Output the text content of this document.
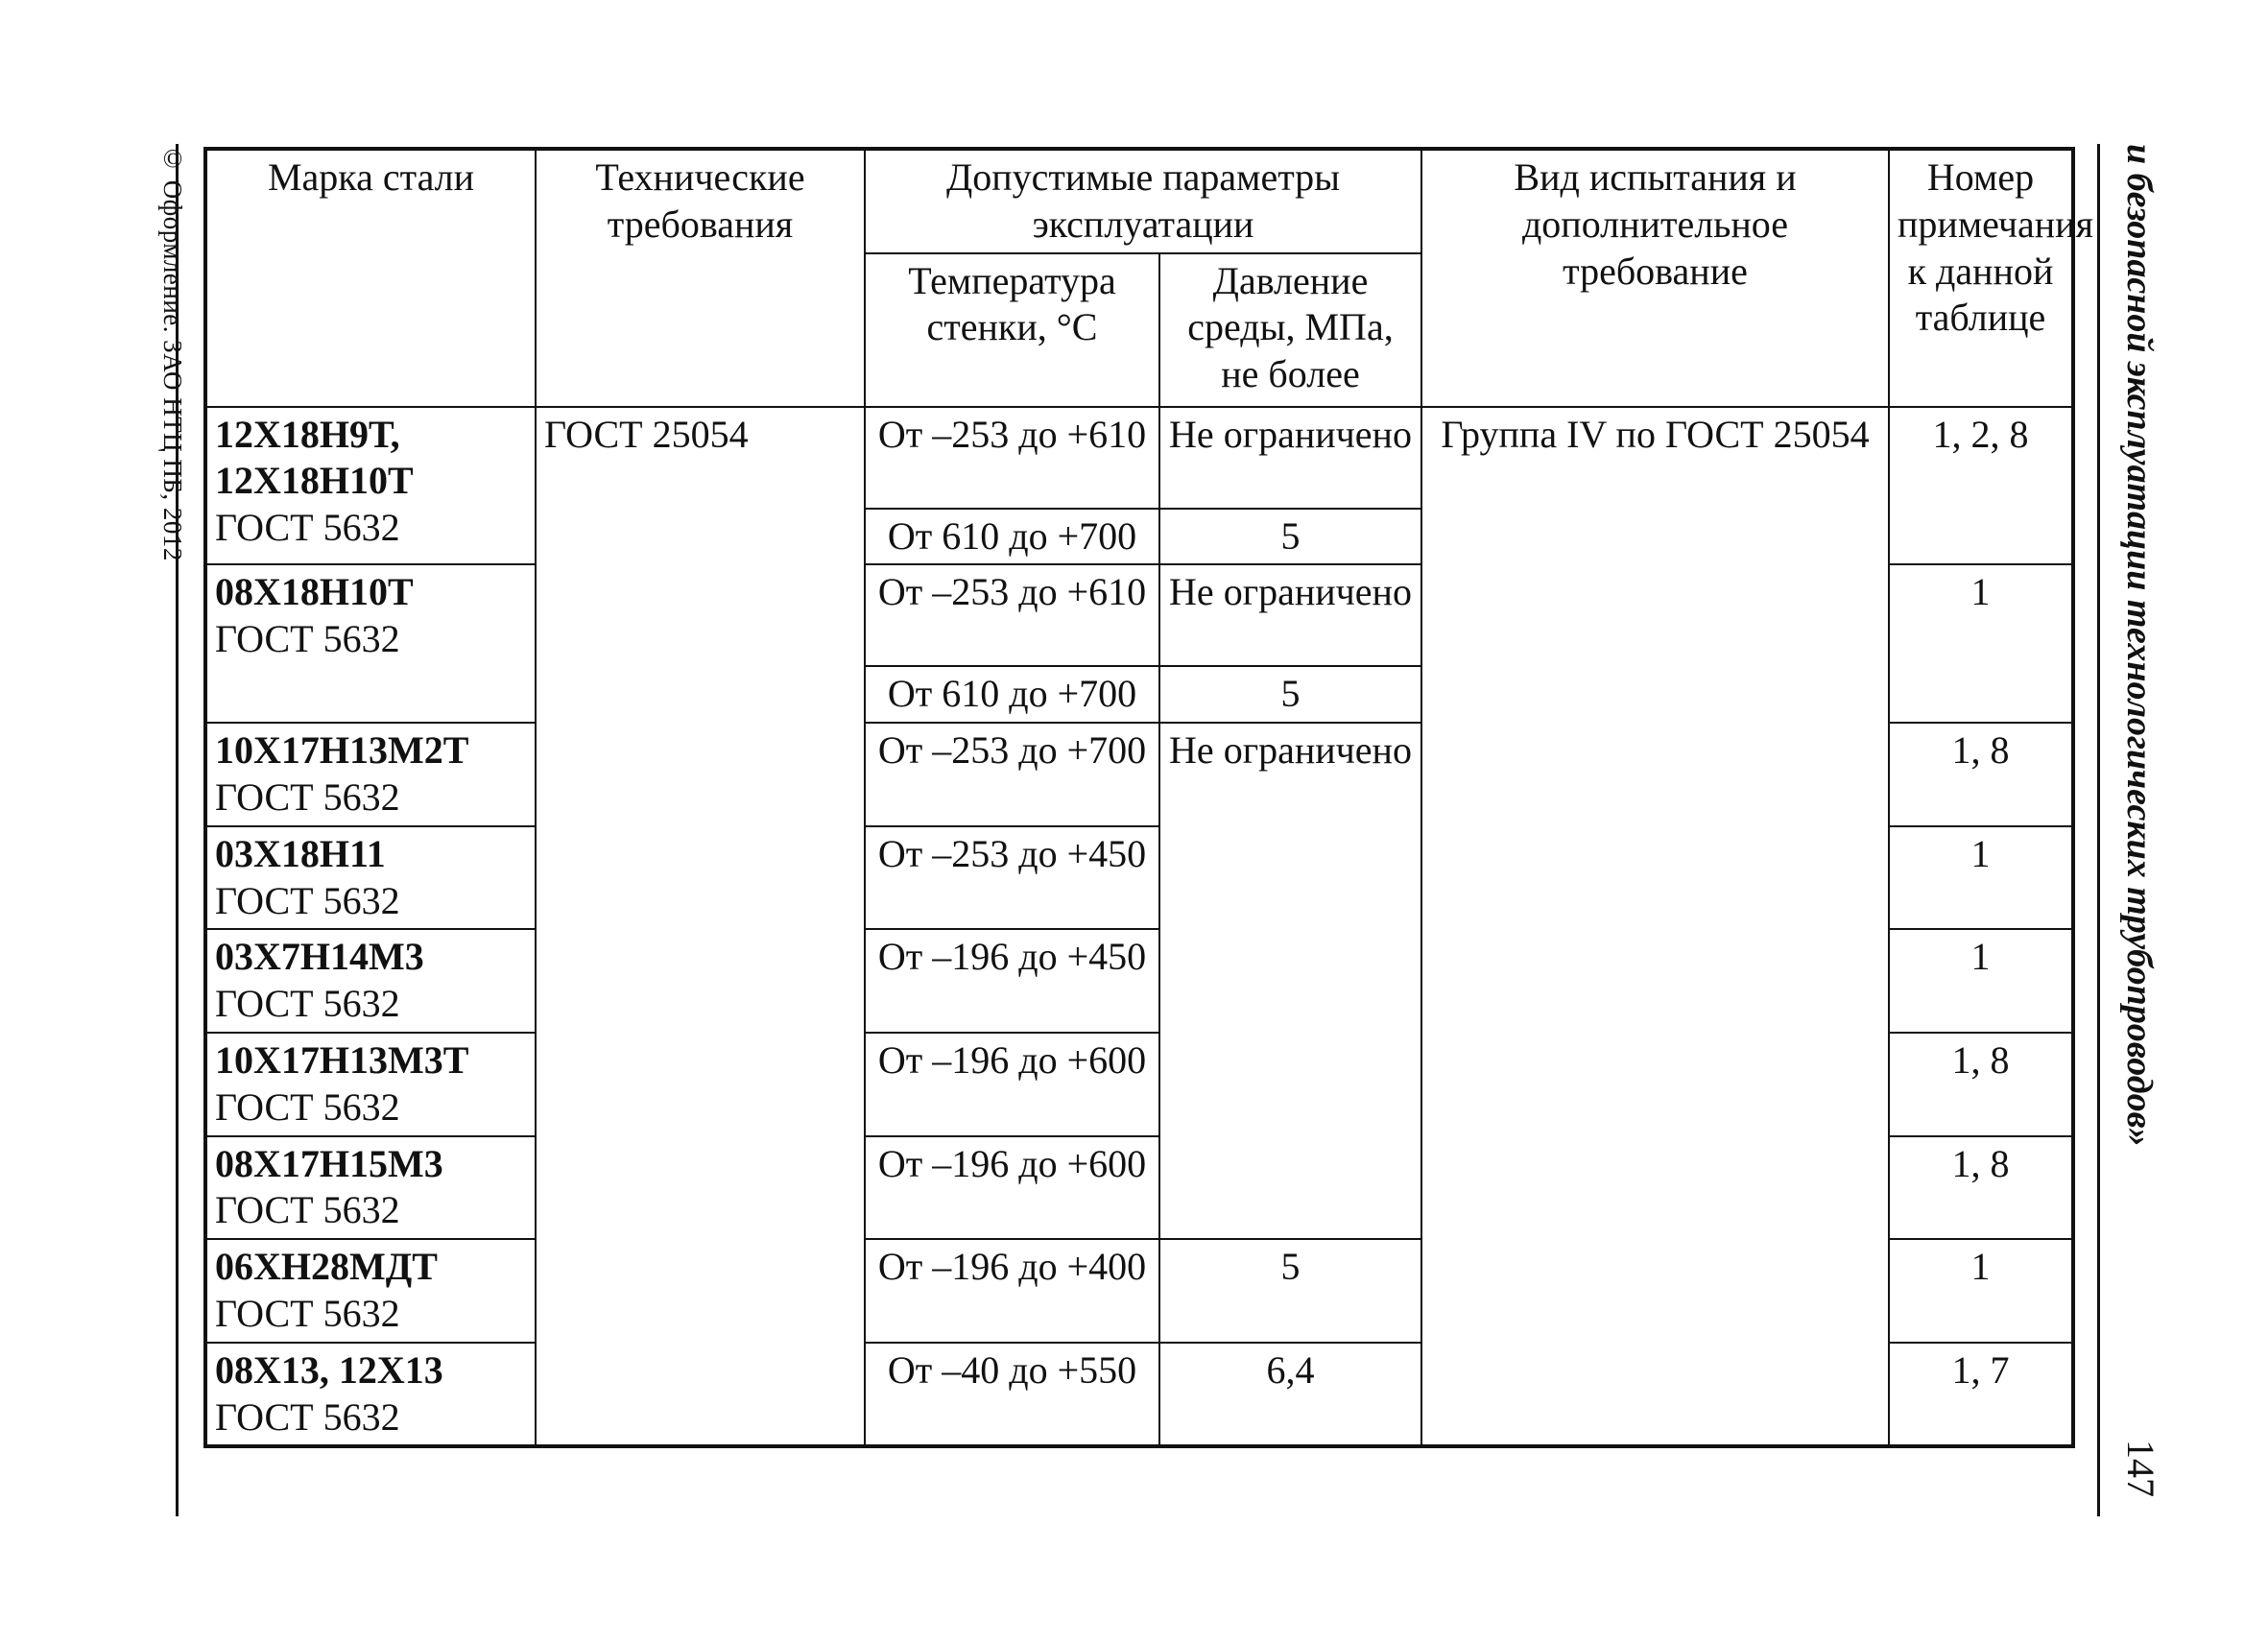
© Оформление. ЗАО НТЦ ПБ, 2012	и безопасной эксплуатации технологических трубопроводов»
147
Марка стали	Технические требования	Допустимые параметры эксплуатации		Вид испытания и дополнительное требование	Номер примечания к данной таблице
		Температура стенки, °С	Давление среды, МПа, не более		

12Х18Н9Т, 12Х18Н10Т
ГОСТ 5632	ГОСТ 25054	От –253 до +610	Не ограничено	Группа IV по ГОСТ 25054	1, 2, 8
		От 610 до +700	5		

08Х18Н10Т
ГОСТ 5632		От –253 до +610	Не ограничено		1
		От 610 до +700	5		

10Х17Н13М2Т
ГОСТ 5632		От –253 до +700	Не ограничено		1, 8

03Х18Н11
ГОСТ 5632		От –253 до +450			1

03Х7Н14М3
ГОСТ 5632		От –196 до +450			1

10Х17Н13М3Т
ГОСТ 5632		От –196 до +600			1, 8

08Х17Н15М3
ГОСТ 5632		От –196 до +600			1, 8

06ХН28МДТ
ГОСТ 5632		От –196 до +400	5		1

08Х13, 12Х13
ГОСТ 5632		От –40 до +550	6,4		1, 7
